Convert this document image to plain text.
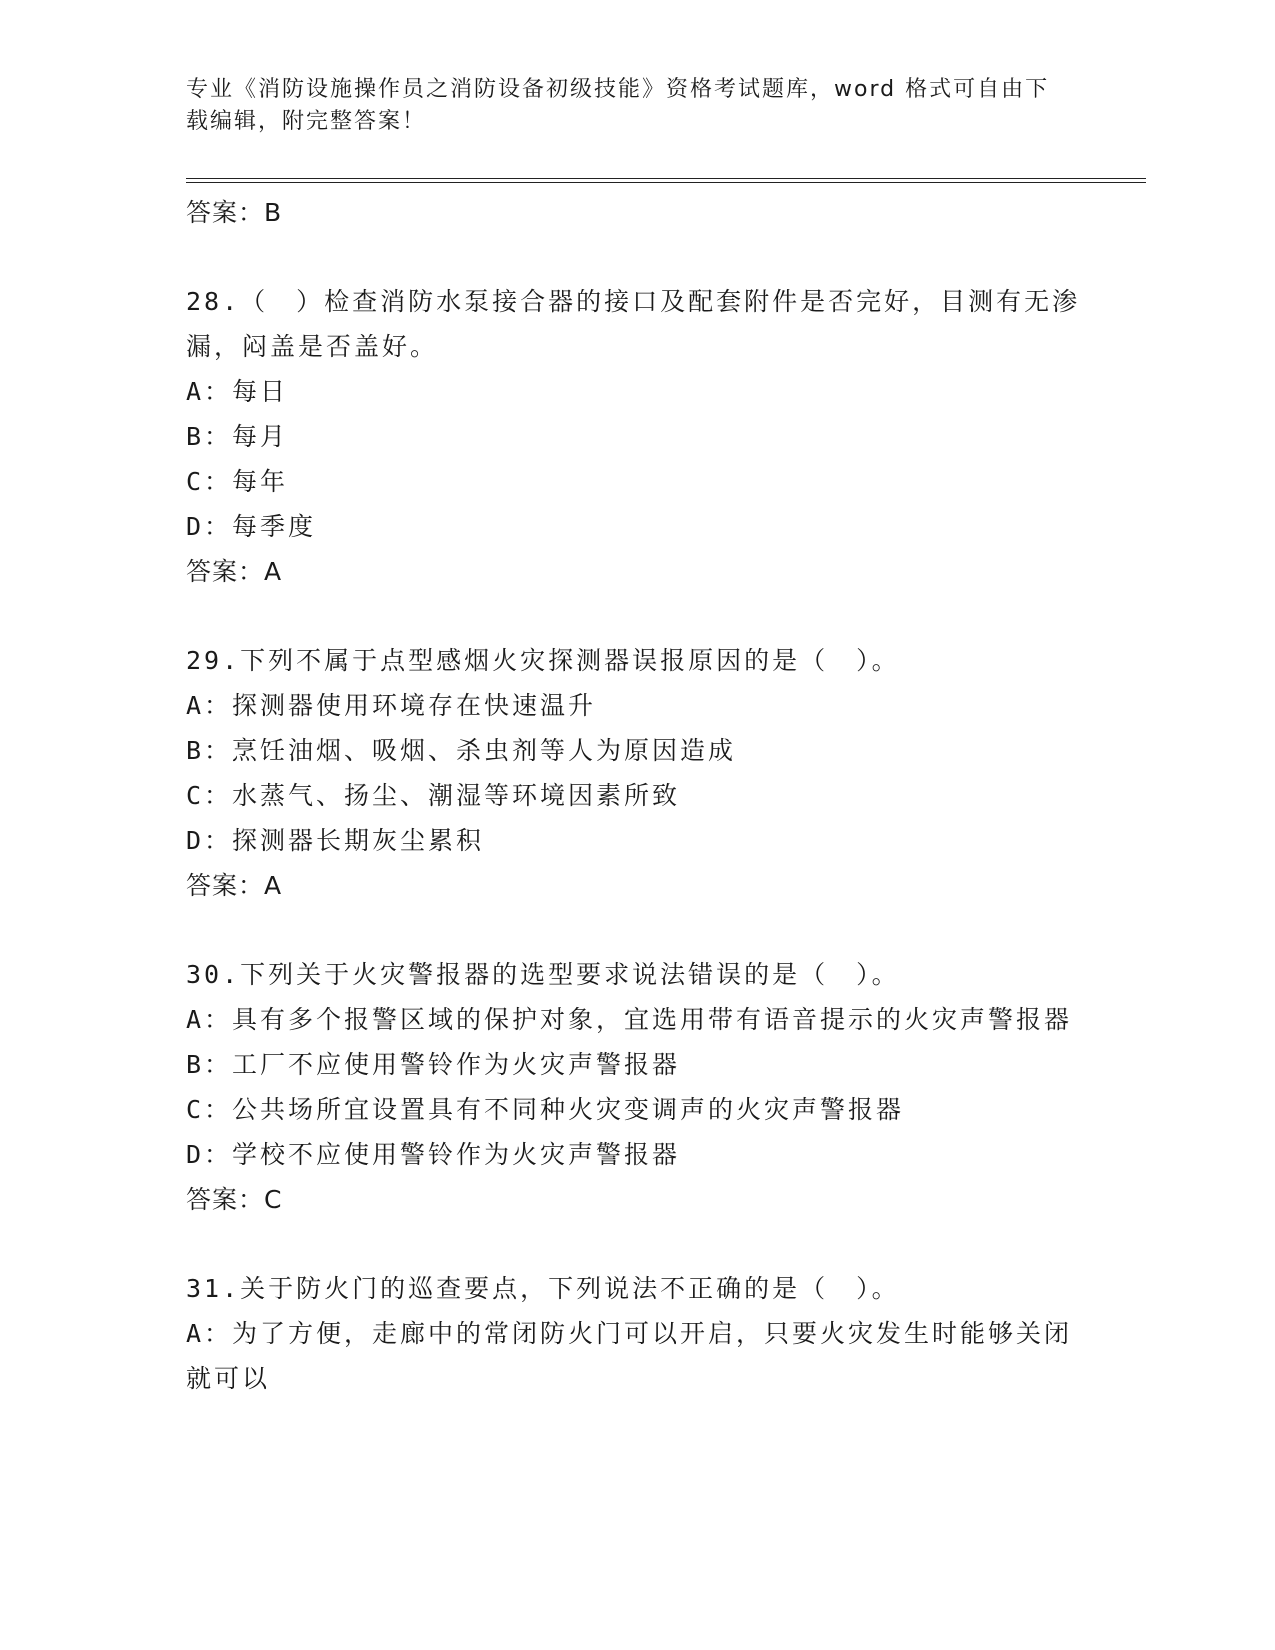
专业《消防设施操作员之消防设备初级技能》资格考试题库，word 格式可自由下载编辑，附完整答案！
答案：B
28.（　）检查消防水泵接合器的接口及配套附件是否完好，目测有无渗漏，闷盖是否盖好。
A：每日
B：每月
C：每年
D：每季度
答案：A
29.下列不属于点型感烟火灾探测器误报原因的是（　）。
A：探测器使用环境存在快速温升
B：烹饪油烟、吸烟、杀虫剂等人为原因造成
C：水蒸气、扬尘、潮湿等环境因素所致
D：探测器长期灰尘累积
答案：A
30.下列关于火灾警报器的选型要求说法错误的是（　）。
A：具有多个报警区域的保护对象，宜选用带有语音提示的火灾声警报器
B：工厂不应使用警铃作为火灾声警报器
C：公共场所宜设置具有不同种火灾变调声的火灾声警报器
D：学校不应使用警铃作为火灾声警报器
答案：C
31.关于防火门的巡查要点，下列说法不正确的是（　）。
A：为了方便，走廊中的常闭防火门可以开启，只要火灾发生时能够关闭就可以
